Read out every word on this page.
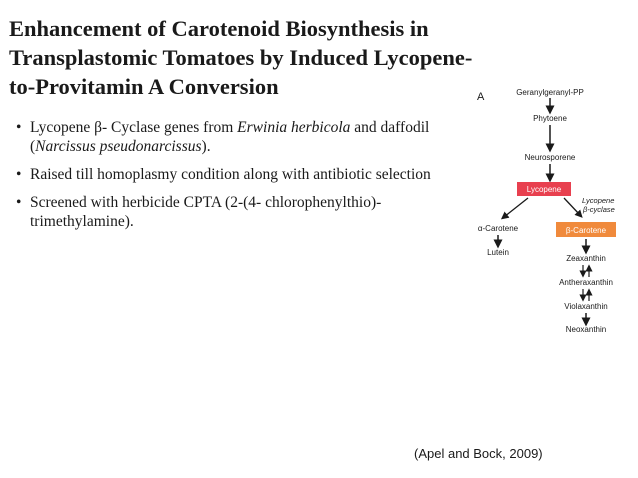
Enhancement of Carotenoid Biosynthesis in
Transplastomic Tomatoes by Induced Lycopene-
to-Provitamin A Conversion
• Lycopene β- Cyclase genes from Erwinia herbicola and daffodil (Narcissus pseudonarcissus).
• Raised till homoplasmy condition along with antibiotic selection
• Screened with herbicide CPTA (2-(4- chlorophenylthio)-trimethylamine).
A	Geranylgeranyl-PP
Phytoene
Neurosporene
Lycopene
Lycopene
β-cyclase
α-Carotene
Lutein
β-Carotene
Zeaxanthin
Antheraxanthin
Violaxanthin
Neoxanthin
(Apel and Bock, 2009)
